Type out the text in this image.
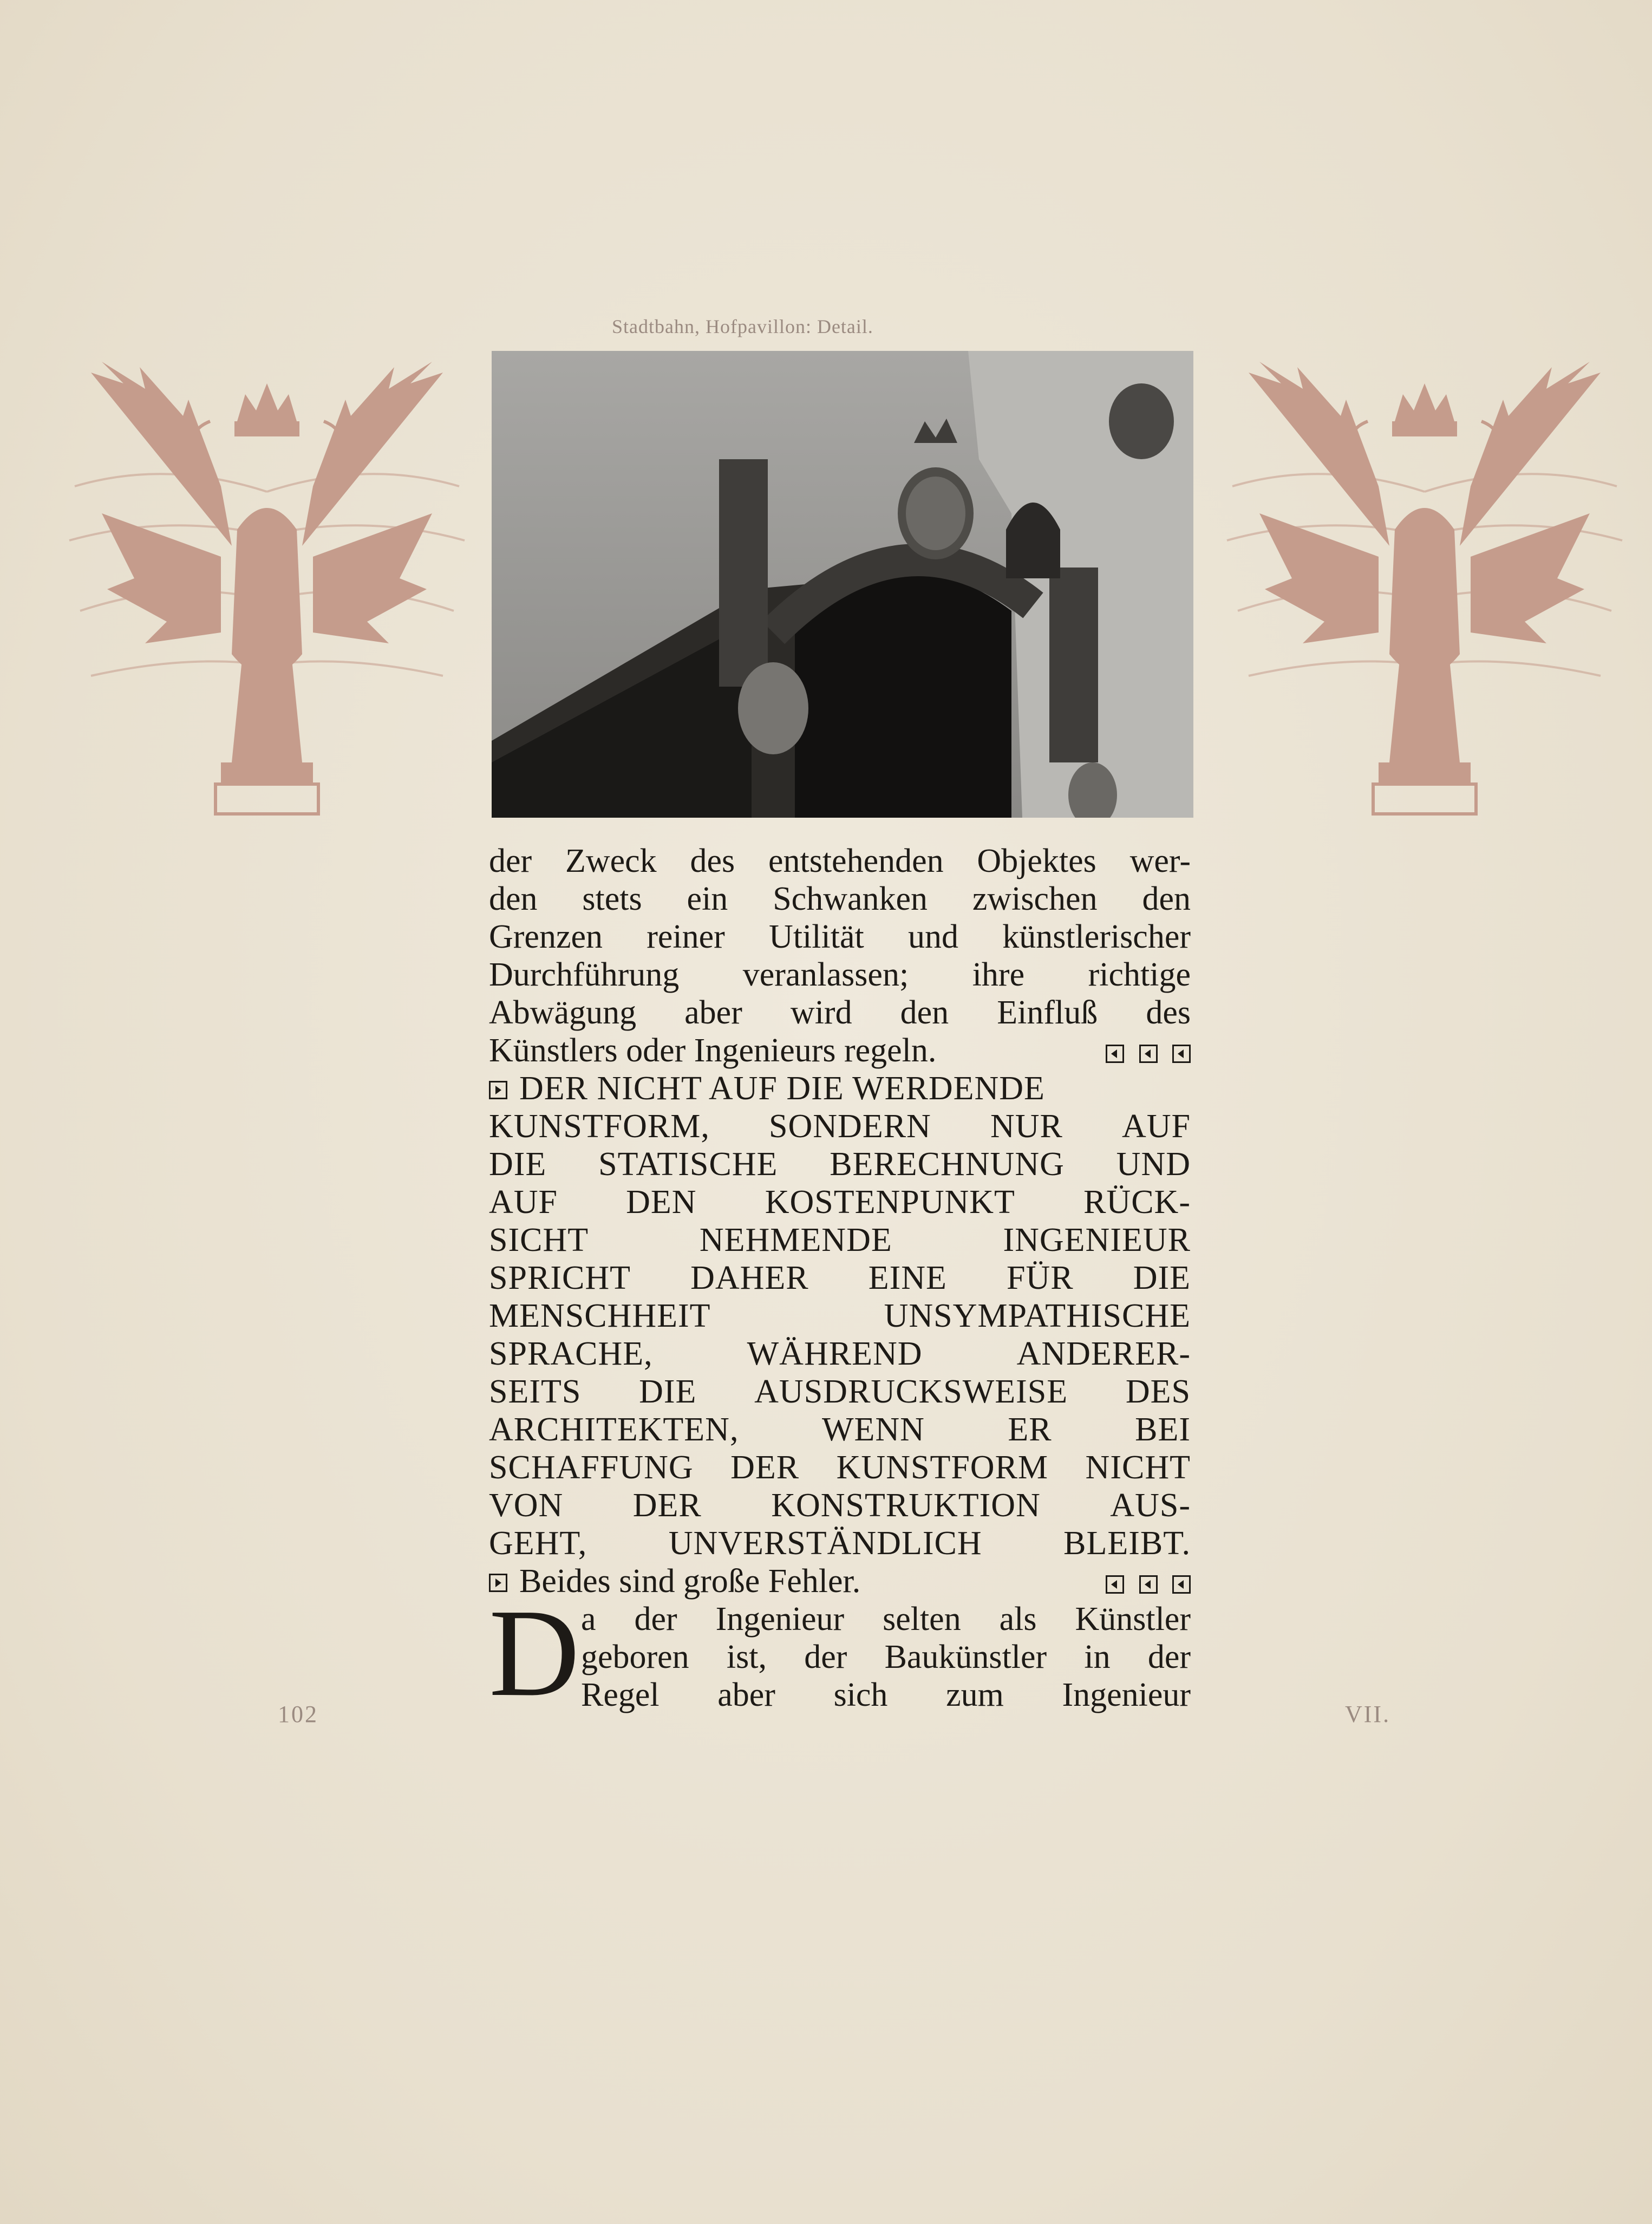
Stadtbahn, Hofpavillon: Detail.
der Zweck des entstehenden Objektes wer-
den stets ein Schwanken zwischen den
Grenzen reiner Utilität und künstlerischer
Durchführung veranlassen; ihre richtige
Abwägung aber wird den Einfluß des
Künstlers oder Ingenieurs regeln.

DER NICHT AUF DIE WERDENDE
KUNSTFORM, SONDERN NUR AUF
DIE STATISCHE BERECHNUNG UND
AUF DEN KOSTENPUNKT RÜCK-
SICHT	NEHMENDE	INGENIEUR
SPRICHT DAHER EINE FÜR DIE
MENSCHHEIT	UNSYMPATHISCHE
SPRACHE,	WÄHREND	ANDERER-
SEITS DIE AUSDRUCKSWEISE DES
ARCHITEKTEN, WENN ER BEI
SCHAFFUNG DER KUNSTFORM NICHT
VON DER KONSTRUKTION AUS-
GEHT, UNVERSTÄNDLICH BLEIBT.
Beides sind große Fehler.

D a der Ingenieur selten als Künstler
geboren ist, der Baukünstler in der
Regel aber sich zum Ingenieur
102	VII.
